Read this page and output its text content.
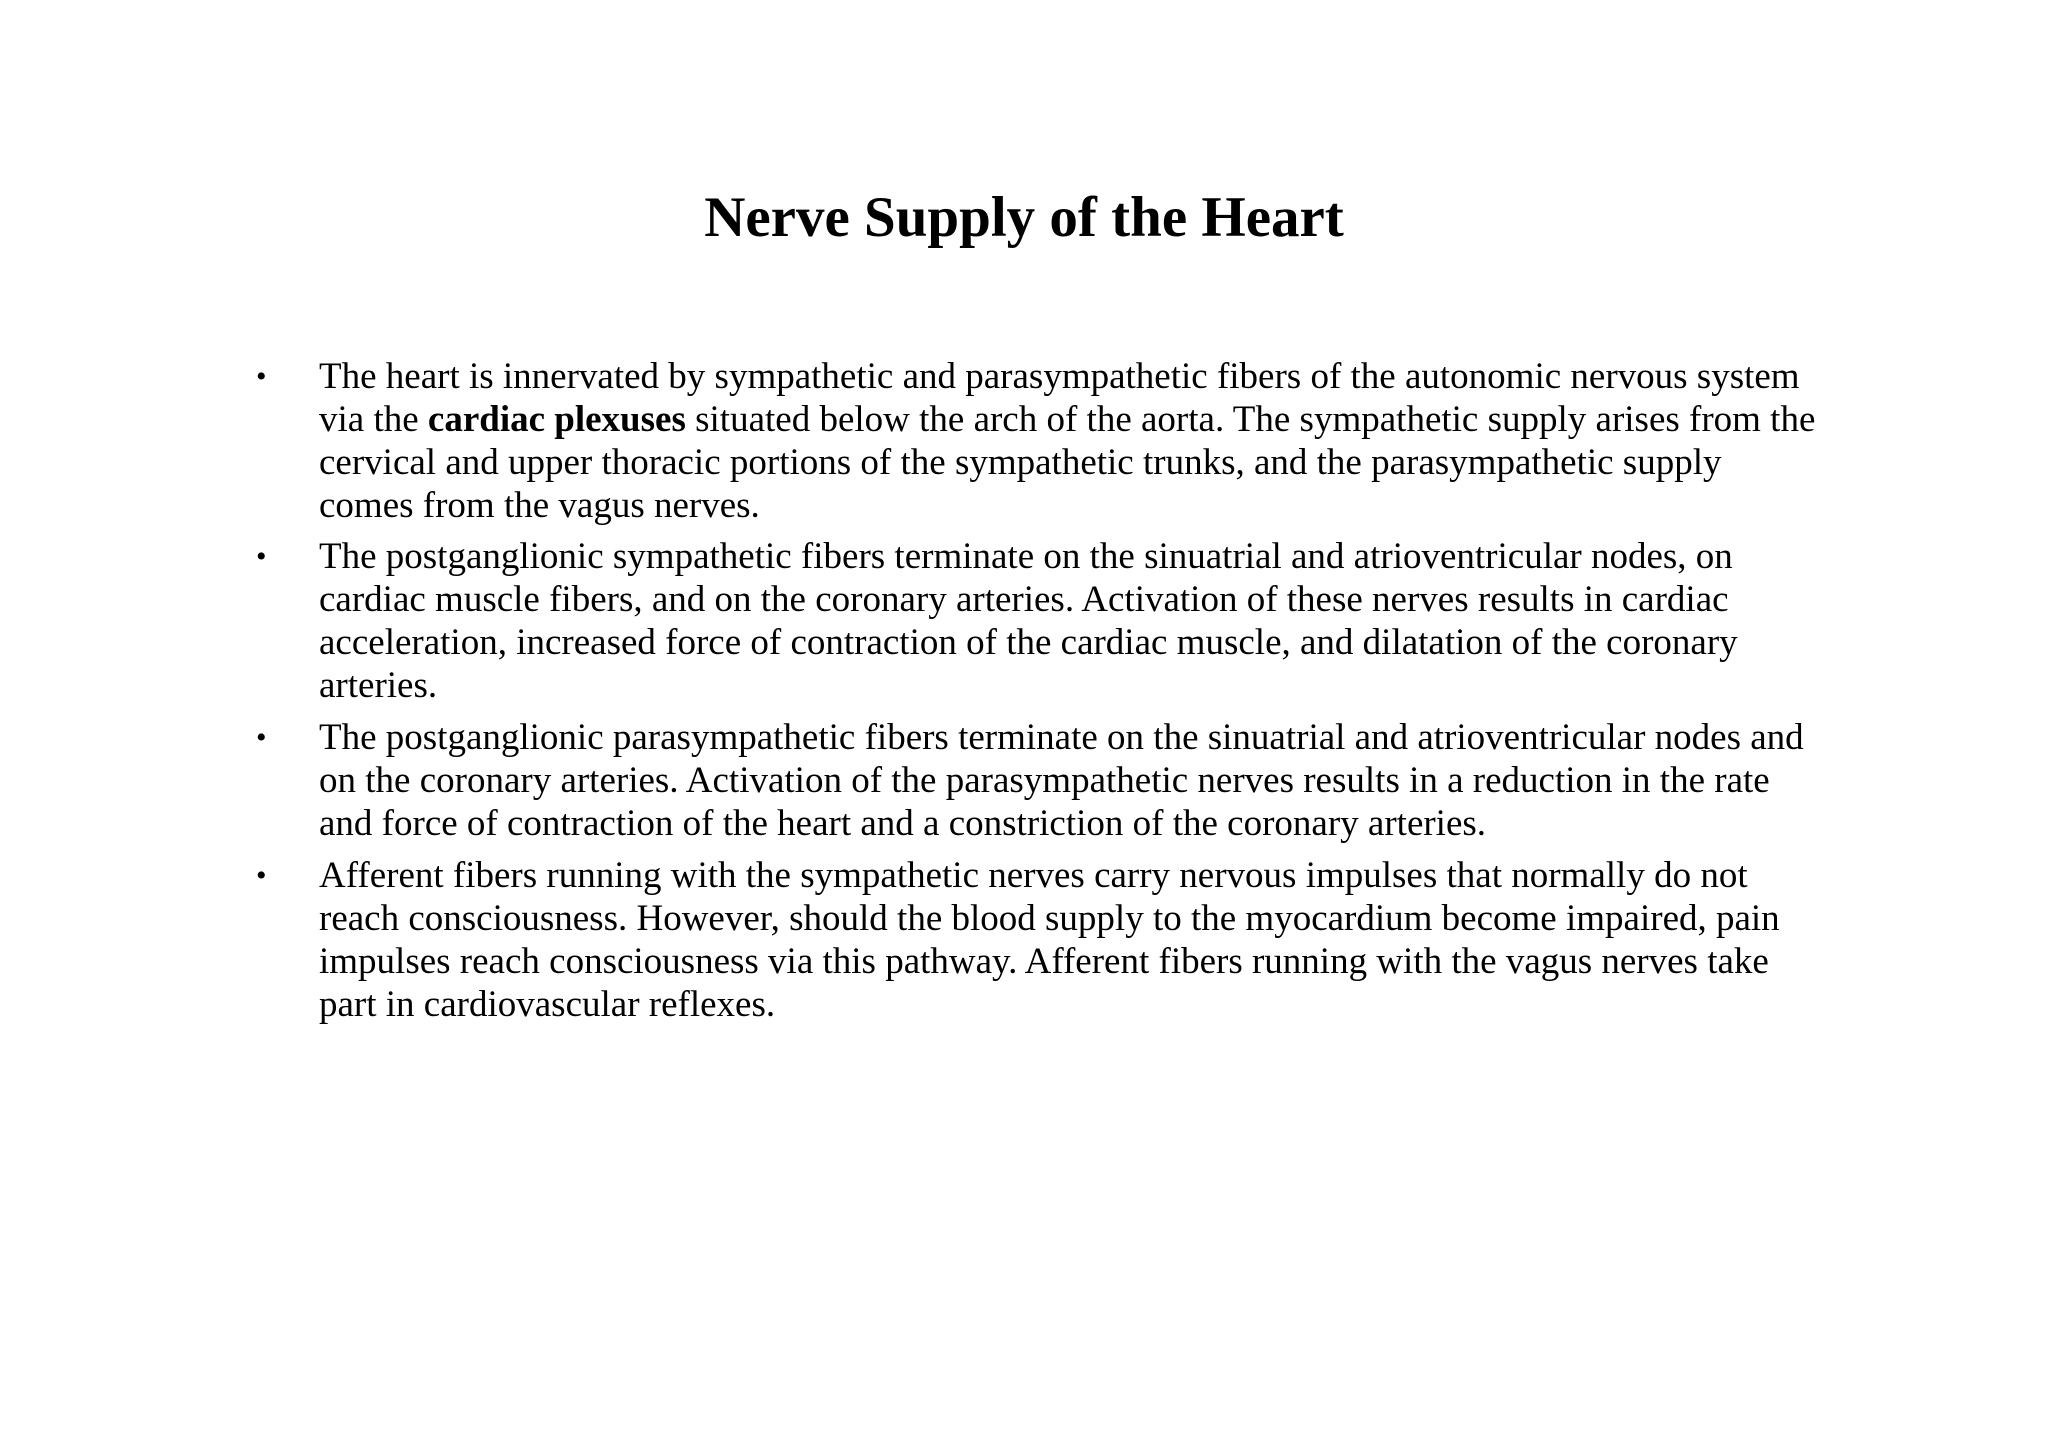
Nerve Supply of the Heart
•	The heart is innervated by sympathetic and parasympathetic fibers of the autonomic nervous system via the cardiac plexuses situated below the arch of the aorta. The sympathetic supply arises from the cervical and upper thoracic portions of the sympathetic trunks, and the parasympathetic supply comes from the vagus nerves.
•	The postganglionic sympathetic fibers terminate on the sinuatrial and atrioventricular nodes, on cardiac muscle fibers, and on the coronary arteries. Activation of these nerves results in cardiac acceleration, increased force of contraction of the cardiac muscle, and dilatation of the coronary arteries.
•	The postganglionic parasympathetic fibers terminate on the sinuatrial and atrioventricular nodes and on the coronary arteries. Activation of the parasympathetic nerves results in a reduction in the rate and force of contraction of the heart and a constriction of the coronary arteries.
•	Afferent fibers running with the sympathetic nerves carry nervous impulses that normally do not reach consciousness. However, should the blood supply to the myocardium become impaired, pain impulses reach consciousness via this pathway. Afferent fibers running with the vagus nerves take part in cardiovascular reflexes.
